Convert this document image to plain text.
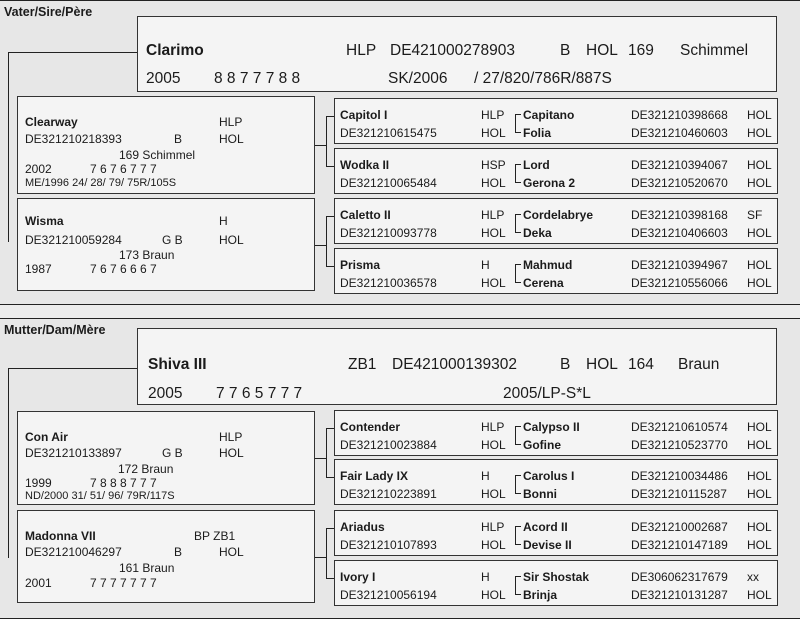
Vater/Sire/Père
Clarimo	HLP DE421000278903	B HOL 169 Schimmel
2005 8 8 7 7 7 8 8	SK/2006 / 27/820/786R/887S
Clearway	HLP
DE321210218393	B	HOL
169 Schimmel
2002	7 6 7 6 7 7 7
ME/1996 24/ 28/ 79/ 75R/105S
Wisma	H
DE321210059284	G B	HOL
173 Braun
1987	7 6 7 6 6 6 7
Mutter/Dam/Mère
Shiva III	ZB1 DE421000139302	B HOL 164 Braun
2005 7 7 6 5 7 7 7	2005/LP-S*L
Con Air	HLP
DE321210133897	G B	HOL
172 Braun
1999	7 8 8 8 7 7 7
ND/2000 31/ 51/ 96/ 79R/117S
Madonna VII	BP ZB1
DE321210046297	B	HOL
161 Braun
2001	7 7 7 7 7 7 7
Capitol I	HLP
DE321210615475	HOL
Capitano	DE321210398668 HOL
Folia	DE321210460603 HOL
Wodka II	HSP
DE321210065484	HOL
Lord	DE321210394067 HOL
Gerona 2	DE321210520670 HOL
Caletto II	HLP
DE321210093778	HOL
Cordelabrye	DE321210398168 SF
Deka	DE321210406603 HOL
Prisma	H
DE321210036578	HOL
Mahmud	DE321210394967 HOL
Cerena	DE321210556066 HOL
Contender	HLP
DE321210023884	HOL
Calypso II	DE321210610574 HOL
Gofine	DE321210523770 HOL
Fair Lady IX	H
DE321210223891	HOL
Carolus I	DE321210034486 HOL
Bonni	DE321210115287 HOL
Ariadus	HLP
DE321210107893	HOL
Acord II	DE321210002687 HOL
Devise II	DE321210147189 HOL
Ivory I	H
DE321210056194	HOL
Sir Shostak	DE306062317679 xx
Brinja	DE321210131287 HOL
